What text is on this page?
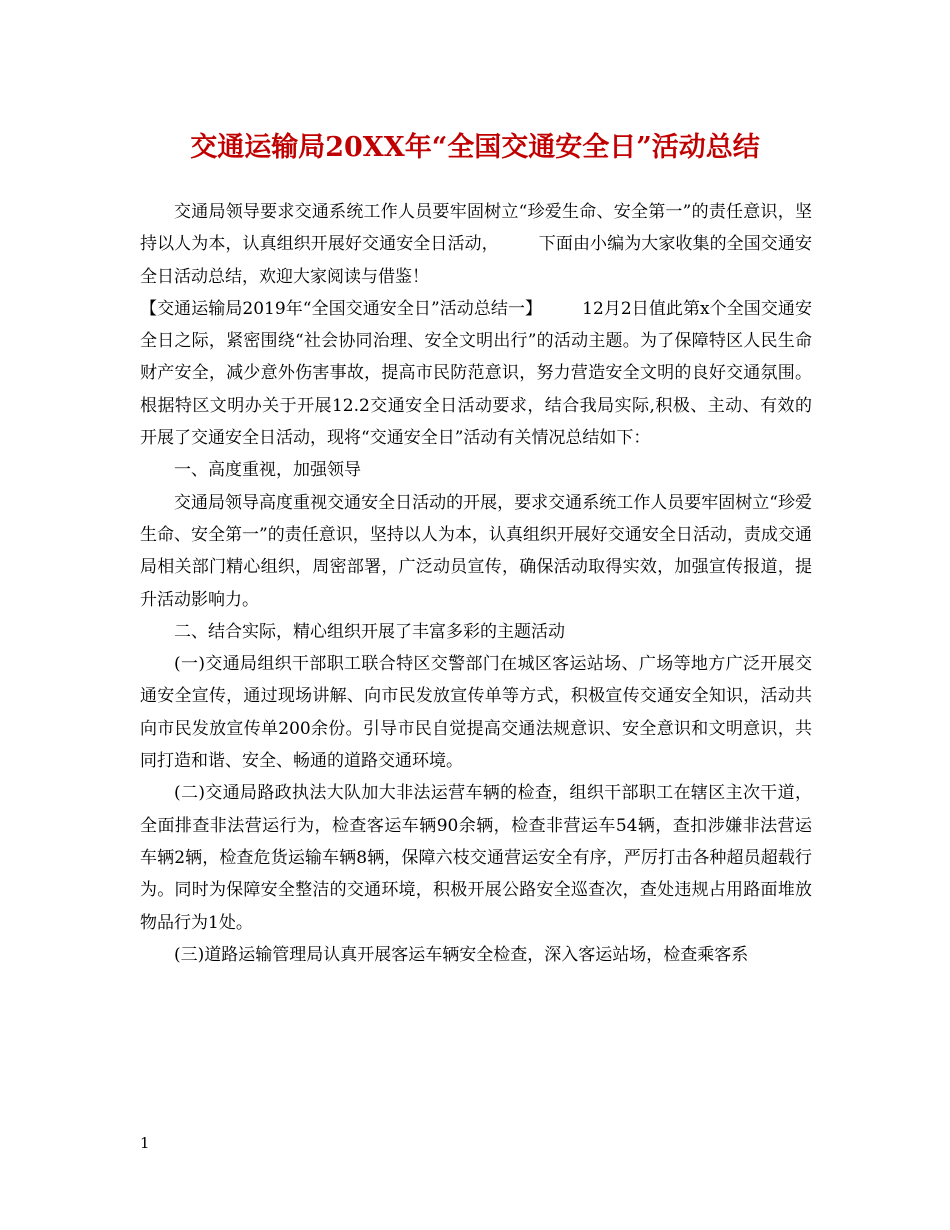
交通运输局20XX年“全国交通安全日”活动总结

交通局领导要求交通系统工作人员要牢固树立“珍爱生命、安全第一”的责任意识，坚持以人为本，认真组织开展好交通安全日活动， 下面由小编为大家收集的全国交通安全日活动总结，欢迎大家阅读与借鉴！

【交通运输局2019年“全国交通安全日”活动总结一】 12月2日值此第x个全国交通安全日之际，紧密围绕“社会协同治理、安全文明出行”的活动主题。为了保障特区人民生命财产安全，减少意外伤害事故，提高市民防范意识，努力营造安全文明的良好交通氛围。根据特区文明办关于开展12.2交通安全日活动要求，结合我局实际,积极、主动、有效的开展了交通安全日活动，现将“交通安全日”活动有关情况总结如下：

一、高度重视，加强领导

交通局领导高度重视交通安全日活动的开展，要求交通系统工作人员要牢固树立“珍爱生命、安全第一”的责任意识，坚持以人为本，认真组织开展好交通安全日活动，责成交通局相关部门精心组织，周密部署，广泛动员宣传，确保活动取得实效，加强宣传报道，提升活动影响力。

二、结合实际，精心组织开展了丰富多彩的主题活动

(一)交通局组织干部职工联合特区交警部门在城区客运站场、广场等地方广泛开展交通安全宣传，通过现场讲解、向市民发放宣传单等方式，积极宣传交通安全知识，活动共向市民发放宣传单200余份。引导市民自觉提高交通法规意识、安全意识和文明意识，共同打造和谐、安全、畅通的道路交通环境。

(二)交通局路政执法大队加大非法运营车辆的检查，组织干部职工在辖区主次干道，全面排查非法营运行为，检查客运车辆90余辆，检查非营运车54辆，查扣涉嫌非法营运车辆2辆，检查危货运输车辆8辆，保障六枝交通营运安全有序，严厉打击各种超员超载行为。同时为保障安全整洁的交通环境，积极开展公路安全巡查次，查处违规占用路面堆放物品行为1处。

(三)道路运输管理局认真开展客运车辆安全检查，深入客运站场，检查乘客系

1
